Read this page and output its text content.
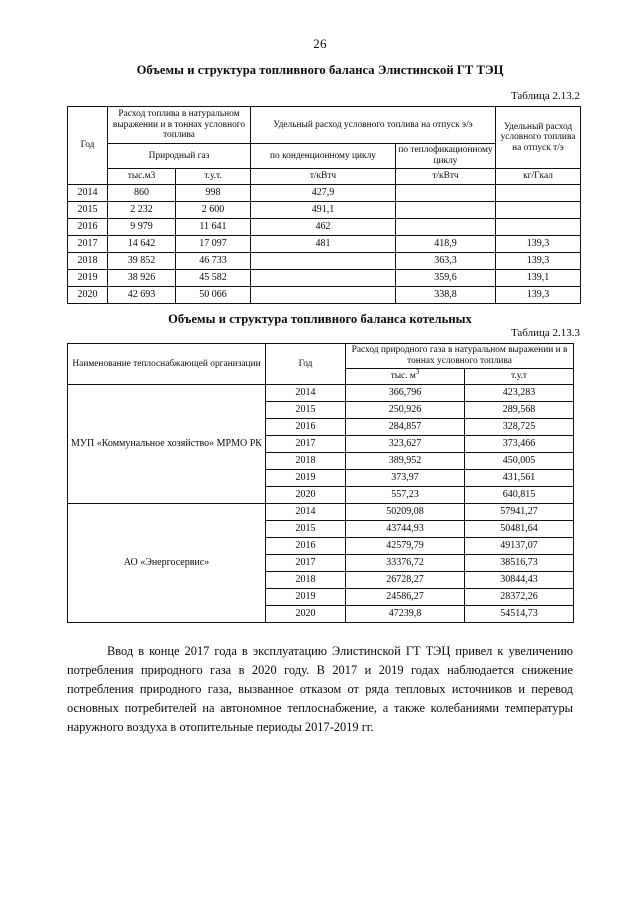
26
Объемы и структура топливного баланса Элистинской ГТ ТЭЦ
Таблица 2.13.2
Год	Расход топлива в натуральном выражении и в тоннах условного топлива		Удельный расход условного топлива на отпуск э/э		Удельный расход условного топлива на отпуск т/э
	Природный газ		по конденционному циклу	по теплофикационному циклу	
	тыс.м3	т.у.т.	т/кВтч	т/кВтч	кг/Гкал
2014	860	998	427,9		
2015	2 232	2 600	491,1		
2016	9 979	11 641	462		
2017	14 642	17 097	481	418,9	139,3
2018	39 852	46 733		363,3	139,3
2019	38 926	45 582		359,6	139,1
2020	42 693	50 066		338,8	139,3
Объемы и структура топливного баланса котельных
Таблица 2.13.3
Наименование теплоснабжающей организации	Год	Расход природного газа в натуральном выражении и в тоннах условного топлива	
		тыс. $м^3$	т.у.т
МУП «Коммунальное хозяйство» МРМО РК	2014	366,796	423,283
	2015	250,926	289,568
	2016	284,857	328,725
	2017	323,627	373,466
	2018	389,952	450,005
	2019	373,97	431,561
	2020	557,23	640,815
АО «Энергосервис»	2014	50209,08	57941,27
	2015	43744,93	50481,64
	2016	42579,79	49137,07
	2017	33376,72	38516,73
	2018	26728,27	30844,43
	2019	24586,27	28372,26
	2020	47239,8	54514,73

Ввод в конце 2017 года в эксплуатацию Элистинской ГТ ТЭЦ привел к увеличению потребления природного газа в 2020 году. В 2017 и 2019 годах наблюдается снижение потребления природного газа, вызванное отказом от ряда тепловых источников и перевод основных потребителей на автономное теплоснабжение, а также колебаниями температуры наружного воздуха в отопительные периоды 2017-2019 гг.
